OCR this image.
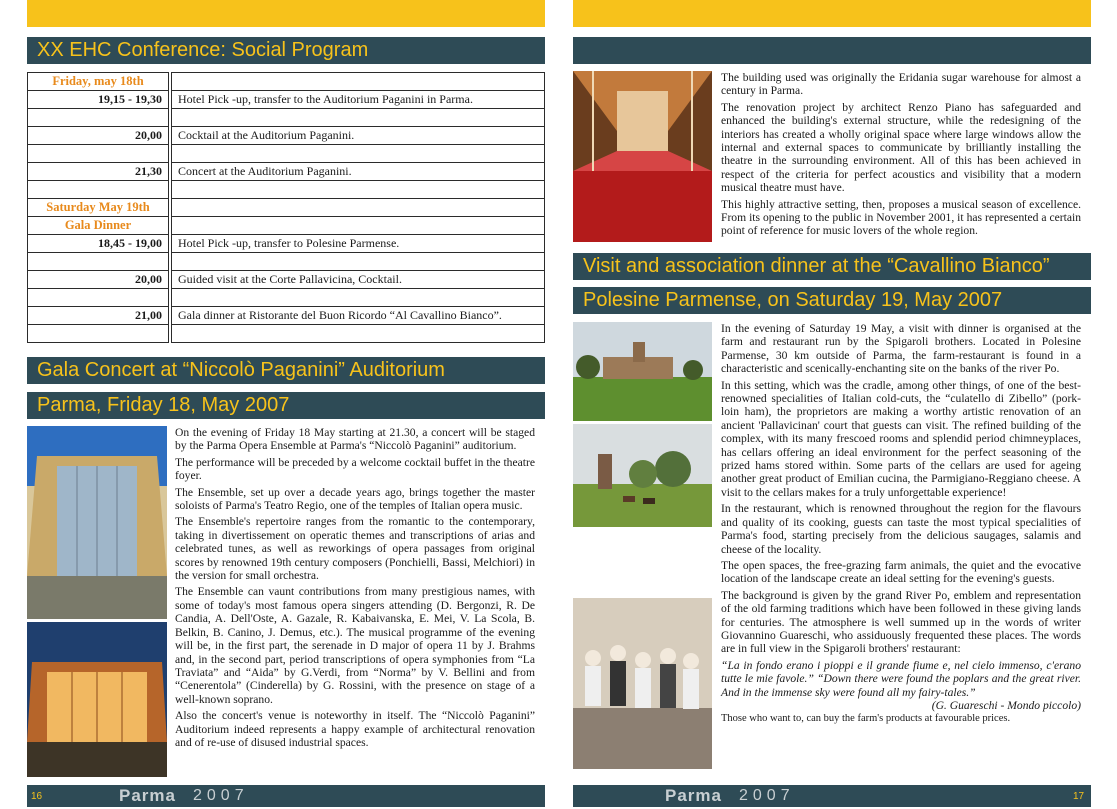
XX EHC Conference: Social Program
Friday, may 18th		
19,15 - 19,30		Hotel Pick -up, transfer to the Auditorium Paganini in Parma.

20,00		Cocktail at the Auditorium Paganini.

21,30		Concert at the Auditorium Paganini.

Saturday May 19th		
Gala Dinner		
18,45 - 19,00		Hotel Pick -up, transfer to Polesine Parmense.

20,00		Guided visit at the Corte Pallavicina, Cocktail.

21,00		Gala dinner at Ristorante del Buon Ricordo “Al Cavallino Bianco”.

Gala Concert at “Niccolò Paganini” Auditorium
Parma, Friday 18, May 2007

On the evening of Friday 18 May starting at 21.30, a concert will be staged by the Parma Opera Ensemble at Parma's “Niccolò Paganini” auditorium.

The performance will be preceded by a welcome cocktail buffet in the theatre foyer.

The Ensemble, set up over a decade years ago, brings together the master soloists of Parma's Teatro Regio, one of the temples of Italian opera music.

The Ensemble's repertoire ranges from the romantic to the contemporary, taking in divertissement on operatic themes and transcriptions of arias and celebrated tunes, as well as reworkings of opera passages from original scores by renowned 19th century composers (Ponchielli, Bassi, Melchiori) in the version for small orchestra.

The Ensemble can vaunt contributions from many prestigious names, with some of today's most famous opera singers attending (D. Bergonzi, R. De Candia, A. Dell'Oste, A. Gazale, R. Kabaivanska, E. Mei, V. La Scola, B. Belkin, B. Canino, J. Demus, etc.). The musical programme of the evening will be, in the first part, the serenade in D major of opera 11 by J. Brahms and, in the second part, period transcriptions of opera symphonies from “La Traviata” and “Aida” by G.Verdi, from “Norma” by V. Bellini and from “Cenerentola” (Cinderella) by G. Rossini, with the presence on stage of a well-known soprano.

Also the concert's venue is noteworthy in itself. The “Niccolò Paganini” Auditorium indeed represents a happy example of architectural renovation and of re-use of disused industrial spaces.

16	Parma 2007

The building used was originally the Eridania sugar warehouse for almost a century in Parma.

The renovation project by architect Renzo Piano has safeguarded and enhanced the building's external structure, while the redesigning of the interiors has created a wholly original space where large windows allow the internal and external spaces to communicate by brilliantly installing the theatre in the surrounding environment. All of this has been achieved in respect of the criteria for perfect acoustics and visibility that a modern musical theatre must have.

This highly attractive setting, then, proposes a musical season of excellence. From its opening to the public in November 2001, it has represented a certain point of reference for music lovers of the whole region.

Visit and association dinner at the “Cavallino Bianco”
Polesine Parmense, on Saturday 19, May 2007

In the evening of Saturday 19 May, a visit with dinner is organised at the farm and restaurant run by the Spigaroli brothers. Located in Polesine Parmense, 30 km outside of Parma, the farm-restaurant is found in a characteristic and scenically-enchanting site on the banks of the river Po.

In this setting, which was the cradle, among other things, of one of the best-renowned specialities of Italian cold-cuts, the “culatello di Zibello” (pork-loin ham), the proprietors are making a worthy artistic renovation of an ancient 'Pallavicinan' court that guests can visit. The refined building of the complex, with its many frescoed rooms and splendid period chimneyplaces, has cellars offering an ideal environment for the perfect seasoning of the prized hams stored within. Some parts of the cellars are used for ageing another great product of Emilian cucina, the Parmigiano-Reggiano cheese. A visit to the cellars makes for a truly unforgettable experience!

In the restaurant, which is renowned throughout the region for the flavours and quality of its cooking, guests can taste the most typical specialities of Parma's food, starting precisely from the delicious saugages, salamis and cheese of the locality.

The open spaces, the free-grazing farm animals, the quiet and the evocative location of the landscape create an ideal setting for the evening's guests.

The background is given by the grand River Po, emblem and representation of the old farming traditions which have been followed in these giving lands for centuries. The atmosphere is well summed up in the words of writer Giovannino Guareschi, who assiduously frequented these places. The words are in full view in the Spigaroli brothers' restaurant:

“La in fondo erano i pioppi e il grande fiume e, nel cielo immenso, c'erano tutte le mie favole.” “Down there were found the poplars and the great river. And in the immense sky were found all my fairy-tales.”

(G. Guareschi - Mondo piccolo)

Those who want to, can buy the farm's products at favourable prices.

Parma 2007	17
